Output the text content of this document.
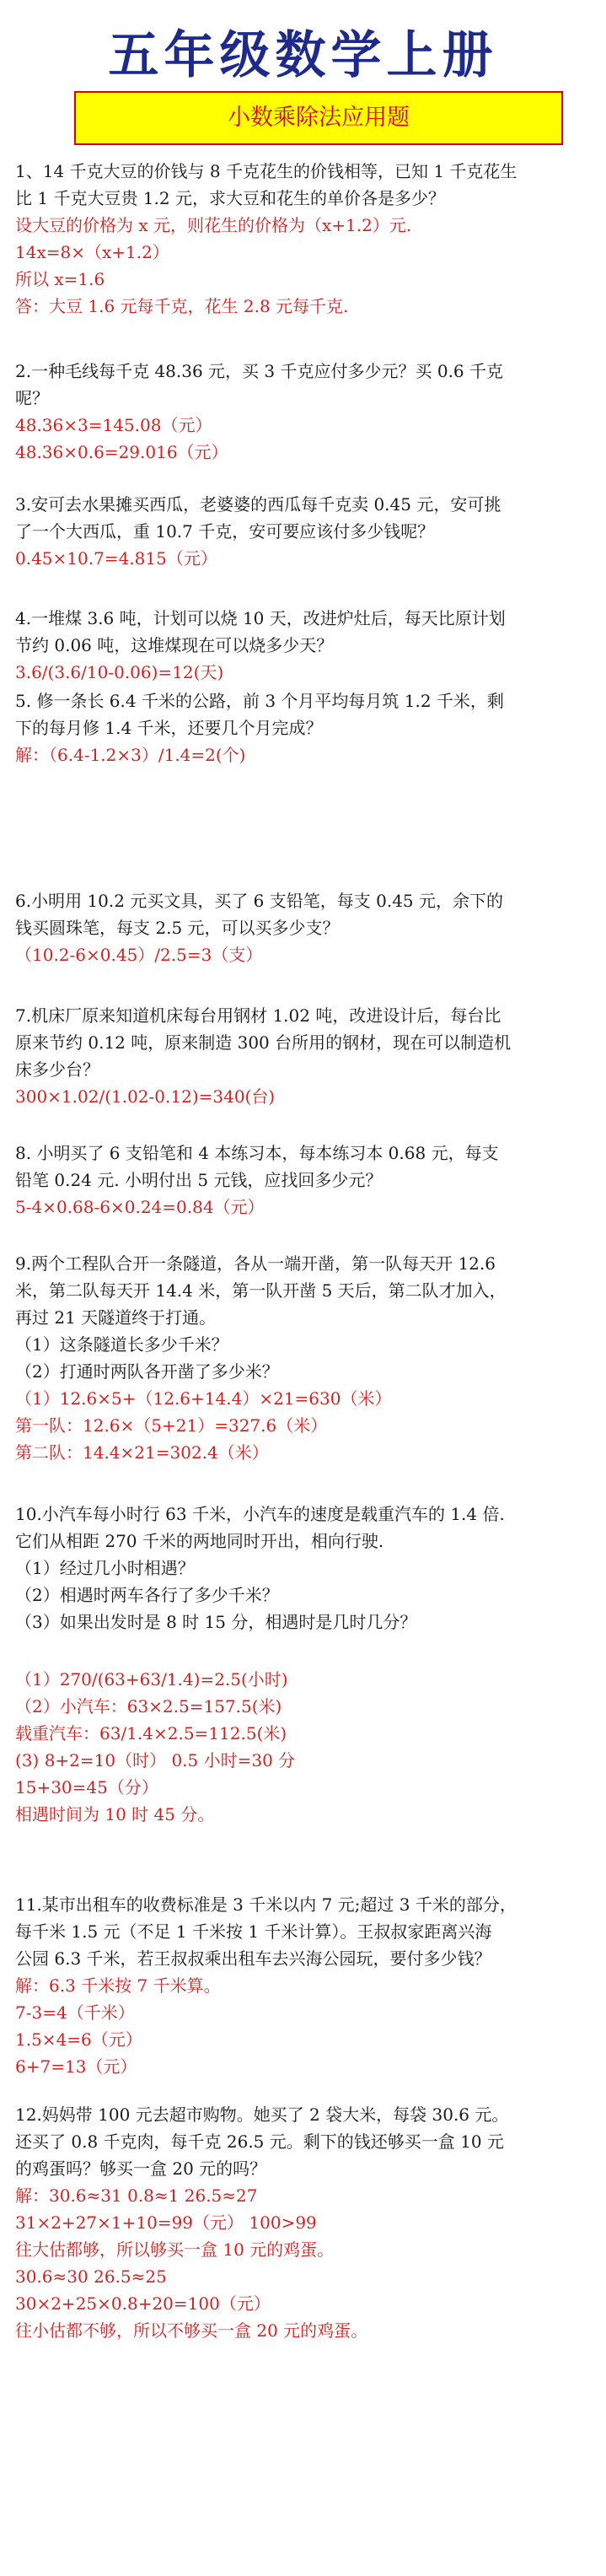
五年级数学上册
小数乘除法应用题
1、14 千克大豆的价钱与 8 千克花生的价钱相等，已知 1 千克花生
比 1 千克大豆贵 1.2 元，求大豆和花生的单价各是多少？
设大豆的价格为 x 元，则花生的价格为（x+1.2）元.
14x=8×（x+1.2）
所以 x=1.6
答：大豆 1.6 元每千克，花生 2.8 元每千克.
2.一种毛线每千克 48.36 元，买 3 千克应付多少元？买 0.6 千克
呢？
48.36×3=145.08（元）
48.36×0.6=29.016（元）
3.安可去水果摊买西瓜，老婆婆的西瓜每千克卖 0.45 元，安可挑
了一个大西瓜，重 10.7 千克，安可要应该付多少钱呢？
0.45×10.7=4.815（元）
4.一堆煤 3.6 吨，计划可以烧 10 天，改进炉灶后，每天比原计划
节约 0.06 吨，这堆煤现在可以烧多少天？
3.6/(3.6/10-0.06)=12(天)
5. 修一条长 6.4 千米的公路，前 3 个月平均每月筑 1.2 千米，剩
下的每月修 1.4 千米，还要几个月完成？
解：（6.4-1.2×3）/1.4=2(个)
6.小明用 10.2 元买文具，买了 6 支铅笔，每支 0.45 元，余下的
钱买圆珠笔，每支 2.5 元，可以买多少支？
（10.2-6×0.45）/2.5=3（支）
7.机床厂原来知道机床每台用钢材 1.02 吨，改进设计后，每台比
原来节约 0.12 吨，原来制造 300 台所用的钢材，现在可以制造机
床多少台？
300×1.02/(1.02-0.12)=340(台)
8. 小明买了 6 支铅笔和 4 本练习本，每本练习本 0.68 元，每支
铅笔 0.24 元. 小明付出 5 元钱，应找回多少元？
5-4×0.68-6×0.24=0.84（元）
9.两个工程队合开一条隧道，各从一端开凿，第一队每天开 12.6
米，第二队每天开 14.4 米，第一队开凿 5 天后，第二队才加入，
再过 21 天隧道终于打通。
（1）这条隧道长多少千米？
（2）打通时两队各开凿了多少米？
（1）12.6×5+（12.6+14.4）×21=630（米）
第一队：12.6×（5+21）=327.6（米）
第二队：14.4×21=302.4（米）
10.小汽车每小时行 63 千米，小汽车的速度是载重汽车的 1.4 倍.
它们从相距 270 千米的两地同时开出，相向行驶.
（1）经过几小时相遇？
（2）相遇时两车各行了多少千米？
（3）如果出发时是 8 时 15 分，相遇时是几时几分？
（1）270/(63+63/1.4)=2.5(小时)
（2）小汽车：63×2.5=157.5(米)
载重汽车：63/1.4×2.5=112.5(米)
(3) 8+2=10（时） 0.5 小时=30 分
15+30=45（分）
相遇时间为 10 时 45 分。
11.某市出租车的收费标准是 3 千米以内 7 元;超过 3 千米的部分，
每千米 1.5 元（不足 1 千米按 1 千米计算）。王叔叔家距离兴海
公园 6.3 千米，若王叔叔乘出租车去兴海公园玩，要付多少钱？
解：6.3 千米按 7 千米算。
7-3=4（千米）
1.5×4=6（元）
6+7=13（元）
12.妈妈带 100 元去超市购物。她买了 2 袋大米，每袋 30.6 元。
还买了 0.8 千克肉，每千克 26.5 元。剩下的钱还够买一盒 10 元
的鸡蛋吗？够买一盒 20 元的吗？
解：30.6≈31 0.8≈1 26.5≈27
31×2+27×1+10=99（元） 100>99
往大估都够，所以够买一盒 10 元的鸡蛋。
30.6≈30 26.5≈25
30×2+25×0.8+20=100（元）
往小估都不够，所以不够买一盒 20 元的鸡蛋。
